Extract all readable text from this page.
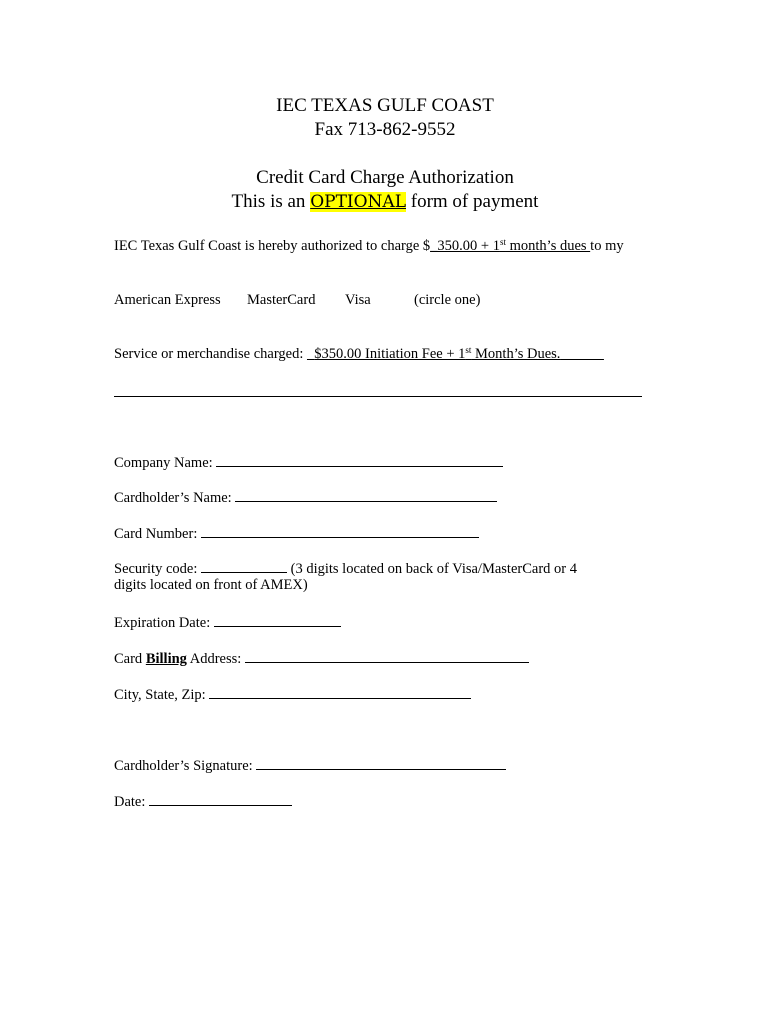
IEC TEXAS GULF COAST
Fax 713-862-9552
Credit Card Charge Authorization
This is an OPTIONAL form of payment
IEC Texas Gulf Coast is hereby authorized to charge $_350.00 + 1st month’s dues to my
American Express MasterCard Visa	(circle one)
Service or merchandise charged: $350.00 Initiation Fee + 1st Month’s Dues.
Company Name:
Cardholder’s Name:
Card Number:
Security code:	(3 digits located on back of Visa/MasterCard or 4
digits located on front of AMEX)
Expiration Date:
Card Billing Address:
City, State, Zip:
Cardholder’s Signature:
Date:
